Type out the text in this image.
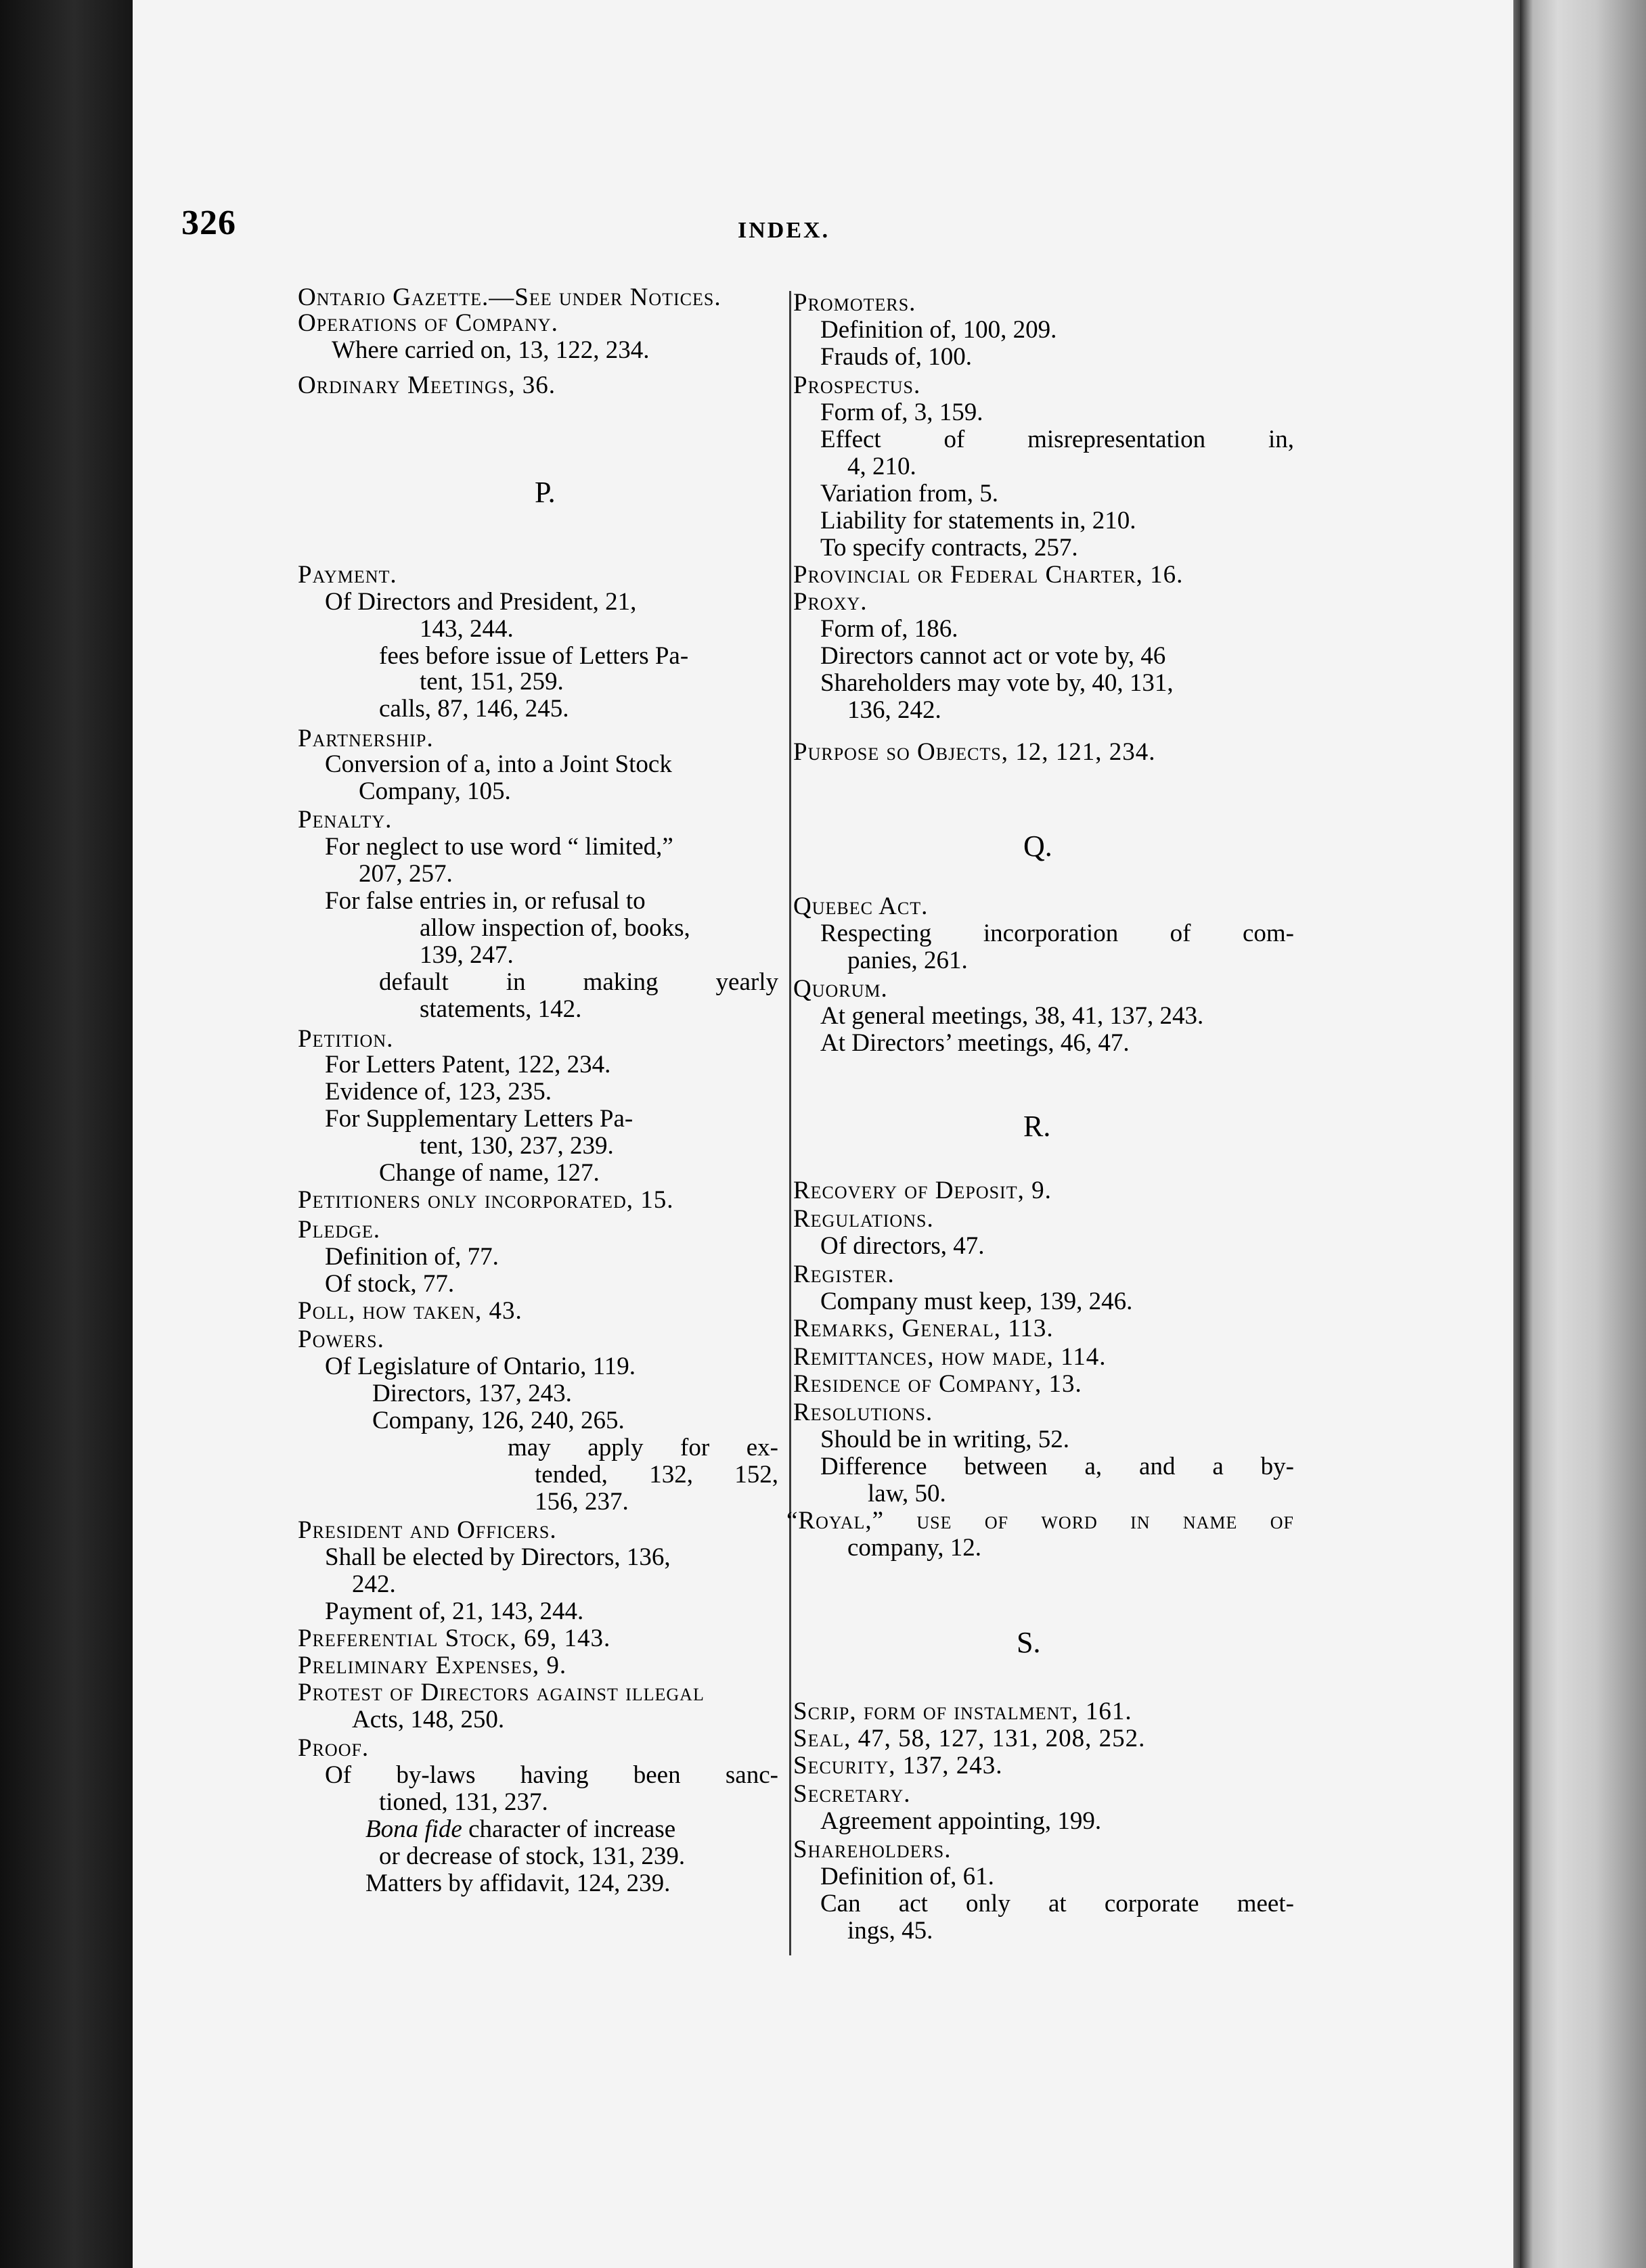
326	INDEX.
Ontario Gazette.—See under Notices.
Operations of Company.
Where carried on, 13, 122, 234.
Ordinary Meetings, 36.
P.
Payment.
Of Directors and President, 21,
143, 244.
fees before issue of Letters Pa-
tent, 151, 259.
calls, 87, 146, 245.
Partnership.
Conversion of a, into a Joint Stock
Company, 105.
Penalty.
For neglect to use word “ limited,”
207, 257.
For false entries in, or refusal to
allow inspection of, books,
139, 247.
default in making yearly
statements, 142.
Petition.
For Letters Patent, 122, 234.
Evidence of, 123, 235.
For Supplementary Letters Pa-
tent, 130, 237, 239.
Change of name, 127.
Petitioners only incorporated, 15.
Pledge.
Definition of, 77.
Of stock, 77.
Poll, how taken, 43.
Powers.
Of Legislature of Ontario, 119.
Directors, 137, 243.
Company, 126, 240, 265.
may apply for ex-
tended, 132, 152,
156, 237.
President and Officers.
Shall be elected by Directors, 136,
242.
Payment of, 21, 143, 244.
Preferential Stock, 69, 143.
Preliminary Expenses, 9.
Protest of Directors against illegal
Acts, 148, 250.
Proof.
Of by-laws having been sanc-
tioned, 131, 237.
Bona fide character of increase
or decrease of stock, 131, 239.
Matters by affidavit, 124, 239.
Promoters.
Definition of, 100, 209.
Frauds of, 100.
Prospectus.
Form of, 3, 159.
Effect	of	misrepresentation	in,
4, 210.
Variation from, 5.
Liability for statements in, 210.
To specify contracts, 257.
Provincial or Federal Charter, 16.
Proxy.
Form of, 186.
Directors cannot act or vote by, 46
Shareholders may vote by, 40, 131,
136, 242.
Purpose so Objects, 12, 121, 234.
Q.
Quebec Act.
Respecting incorporation of com-
panies, 261.
Quorum.
At general meetings, 38, 41, 137, 243.
At Directors’ meetings, 46, 47.
R.
Recovery of Deposit, 9.
Regulations.
Of directors, 47.
Register.
Company must keep, 139, 246.
Remarks, General, 113.
Remittances, how made, 114.
Residence of Company, 13.
Resolutions.
Should be in writing, 52.
Difference between a, and a by-
law, 50.
“Royal,” use of word in name of
company, 12.
S.
Scrip, form of instalment, 161.
Seal, 47, 58, 127, 131, 208, 252.
Security, 137, 243.
Secretary.
Agreement appointing, 199.
Shareholders.
Definition of, 61.
Can act only at corporate meet-
ings, 45.
